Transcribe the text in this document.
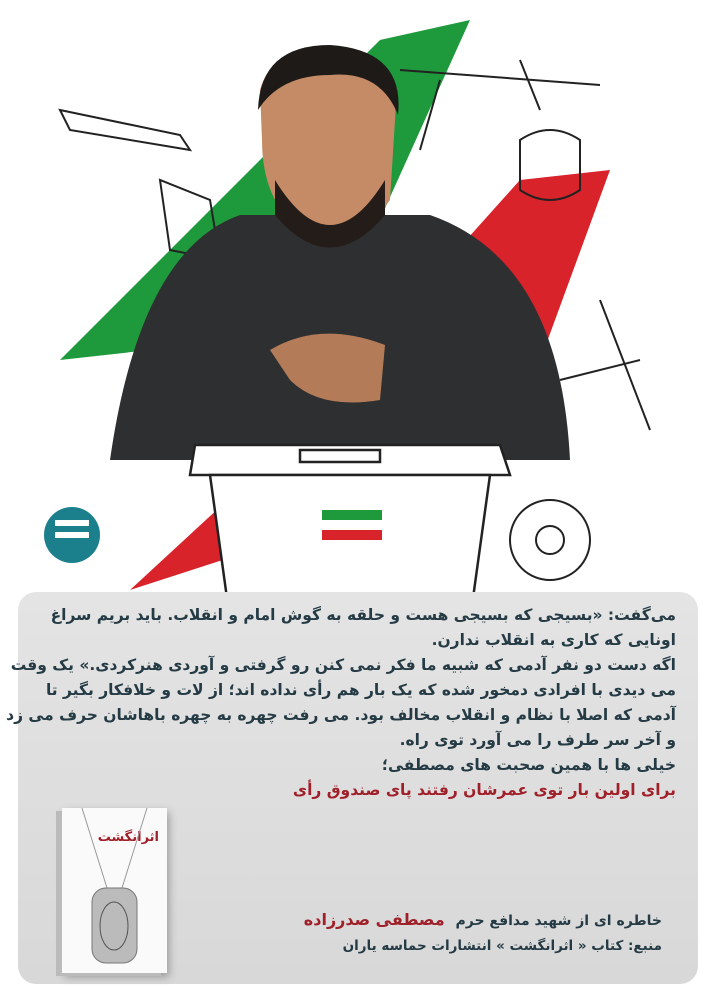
می‌گفت: «بسیجی که بسیجی هست و حلقه به گوش امام و انقلاب. باید بریم سراغ
اونایی که کاری به انقلاب ندارن.
اگه دست دو نفر آدمی که شبیه ما فکر نمی کنن رو گرفتی و آوردی هنرکردی.» یک وقت
می دیدی با افرادی دمخور شده که یک بار هم رأی نداده اند؛ از لات و خلافکار بگیر تا
آدمی که اصلا با نظام و انقلاب مخالف بود. می رفت چهره به چهره باهاشان حرف می زد
و آخر سر طرف را می آورد توی راه.
خیلی ها با همین صحبت های مصطفی؛
برای اولین بار توی عمرشان رفتند پای صندوق رأی
خاطره ای از شهید مدافع حرم مصطفی صدرزاده
منبع: کتاب « اثرانگشت » انتشارات حماسه یاران
اثرانگشت
